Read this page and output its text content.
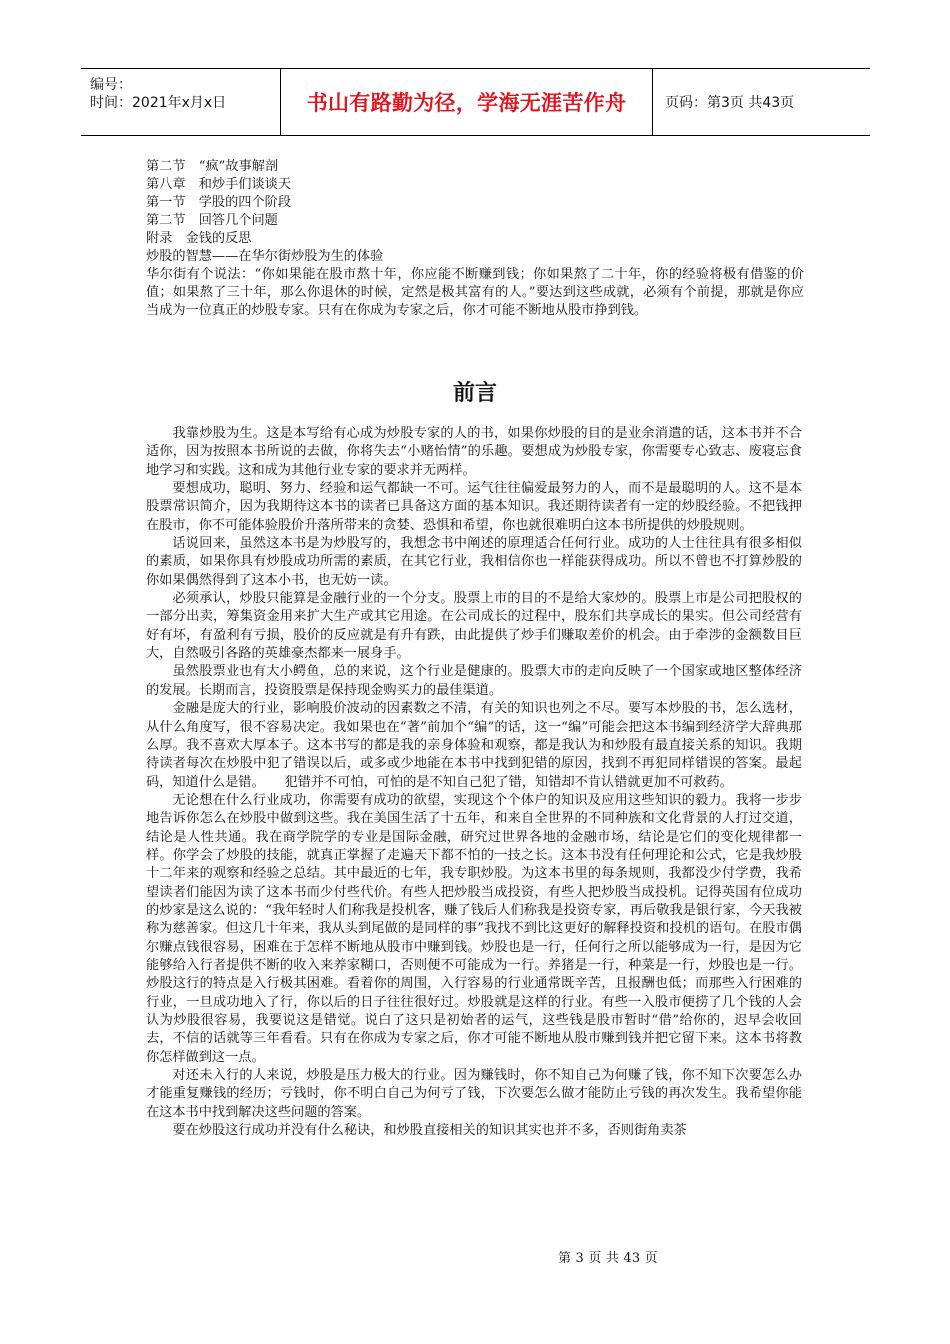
编号：
时间：2021年x月x日	书山有路勤为径，学海无涯苦作舟	页码：第3页 共43页
第二节　“疯”故事解剖
第八章　和炒手们谈谈天
第一节　学股的四个阶段
第二节　回答几个问题
附录　金钱的反思
炒股的智慧——在华尔街炒股为生的体验

华尔街有个说法：“你如果能在股市熬十年，你应能不断赚到钱；你如果熬了二十年，你的经验将极有借鉴的价值；如果熬了三十年，那么你退休的时候，定然是极其富有的人。”要达到这些成就，必须有个前提，那就是你应当成为一位真正的炒股专家。只有在你成为专家之后，你才可能不断地从股市挣到钱。

前言

我靠炒股为生。这是本写给有心成为炒股专家的人的书，如果你炒股的目的是业余消遣的话，这本书并不合适你，因为按照本书所说的去做，你将失去“小赌怡情”的乐趣。要想成为炒股专家，你需要专心致志、废寝忘食地学习和实践。这和成为其他行业专家的要求并无两样。

要想成功，聪明、努力、经验和运气都缺一不可。运气往往偏爱最努力的人，而不是最聪明的人。这不是本股票常识简介，因为我期待这本书的读者已具备这方面的基本知识。我还期待读者有一定的炒股经验。不把钱押在股市，你不可能体验股价升落所带来的贪婪、恐惧和希望，你也就很难明白这本书所提供的炒股规则。

话说回来，虽然这本书是为炒股写的，我想念书中阐述的原理适合任何行业。成功的人士往往具有很多相似的素质，如果你具有炒股成功所需的素质，在其它行业，我相信你也一样能获得成功。所以不曾也不打算炒股的你如果偶然得到了这本小书，也无妨一读。

必须承认，炒股只能算是金融行业的一个分支。股票上市的目的不是给大家炒的。股票上市是公司把股权的一部分出卖，筹集资金用来扩大生产或其它用途。在公司成长的过程中，股东们共享成长的果实。但公司经营有好有坏，有盈利有亏损，股价的反应就是有升有跌，由此提供了炒手们赚取差价的机会。由于牵涉的金额数目巨大，自然吸引各路的英雄豪杰都来一展身手。

虽然股票业也有大小鳄鱼，总的来说，这个行业是健康的。股票大市的走向反映了一个国家或地区整体经济的发展。长期而言，投资股票是保持现金购买力的最佳渠道。

金融是庞大的行业，影响股价波动的因素数之不清，有关的知识也列之不尽。要写本炒股的书，怎么选材，从什么角度写，很不容易决定。我如果也在“著”前加个“编”的话，这一“编”可能会把这本书编到经济学大辞典那么厚。我不喜欢大厚本子。这本书写的都是我的亲身体验和观察，都是我认为和炒股有最直接关系的知识。我期待读者每次在炒股中犯了错误以后，或多或少地能在本书中找到犯错的原因，找到不再犯同样错误的答案。最起码，知道什么是错。　　犯错并不可怕，可怕的是不知自己犯了错，知错却不肯认错就更加不可救药。

无论想在什么行业成功，你需要有成功的欲望，实现这个个体户的知识及应用这些知识的毅力。我将一步步地告诉你怎么在炒股中做到这些。我在美国生活了十五年，和来自全世界的不同种族和文化背景的人打过交道，结论是人性共通。我在商学院学的专业是国际金融，研究过世界各地的金融市场，结论是它们的变化规律都一样。你学会了炒股的技能，就真正掌握了走遍天下都不怕的一技之长。这本书没有任何理论和公式，它是我炒股十二年来的观察和经验之总结。其中最近的七年，我专职炒股。为这本书里的每条规则，我都没少付学费，我希望读者们能因为读了这本书而少付些代价。有些人把炒股当成投资，有些人把炒股当成投机。记得英国有位成功的炒家是这么说的：“我年轻时人们称我是投机客，赚了钱后人们称我是投资专家，再后敬我是银行家，今天我被称为慈善家。但这几十年来，我从头到尾做的是同样的事”我找不到比这更好的解释投资和投机的语句。在股市偶尔赚点钱很容易，困难在于怎样不断地从股市中赚到钱。炒股也是一行，任何行之所以能够成为一行，是因为它能够给入行者提供不断的收入来养家糊口，否则便不可能成为一行。养猪是一行，种菜是一行，炒股也是一行。炒股这行的特点是入行极其困难。看着你的周围，入行容易的行业通常既辛苦，且报酬也低；而那些入行困难的行业，一旦成功地入了行，你以后的日子往往很好过。炒股就是这样的行业。有些一入股市便捞了几个钱的人会认为炒股很容易，我要说这是错觉。说白了这只是初始者的运气，这些钱是股市暂时“借”给你的，迟早会收回去，不信的话就等三年看看。只有在你成为专家之后，你才可能不断地从股市赚到钱并把它留下来。这本书将教你怎样做到这一点。

对还未入行的人来说，炒股是压力极大的行业。因为赚钱时，你不知自己为何赚了钱，你不知下次要怎么办才能重复赚钱的经历；亏钱时，你不明白自己为何亏了钱，下次要怎么做才能防止亏钱的再次发生。我希望你能在这本书中找到解决这些问题的答案。

要在炒股这行成功并没有什么秘诀，和炒股直接相关的知识其实也并不多，否则街角卖茶

第 3 页 共 43 页
